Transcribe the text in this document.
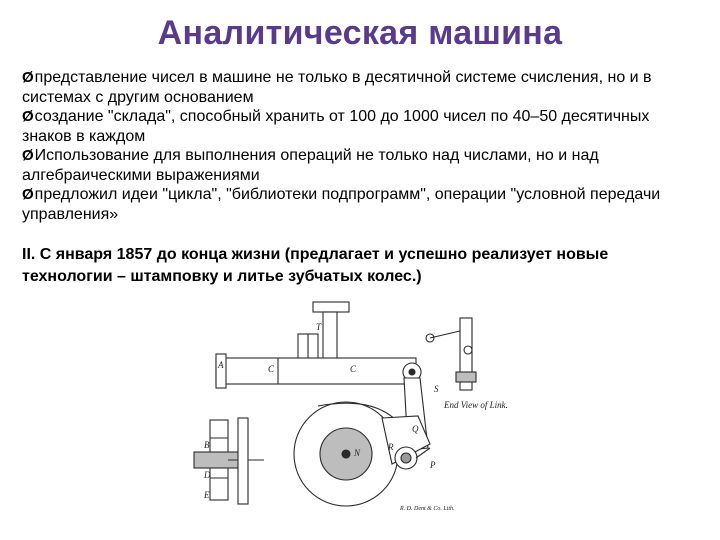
Аналитическая машина

Øпредставление чисел в машине не только в десятичной системе счисления, но и в системах с другим основанием

Øсоздание "склада", способный хранить от 100 до 1000 чисел по 40–50 десятичных знаков в каждом

ØИспользование для выполнения операций не только над числами, но и над алгебраическими выражениями

Øпредложил идеи "цикла", "библиотеки подпрограмм", операции "условной передачи управления»

II. С января 1857 до конца жизни (предлагает и успешно реализует новые технологии – штамповку и литье зубчатых колес.)
A
B
C	C
T
S
Q
P
N
R
D
E
End View of Link.
R. D. Dent & Co. Lith.
